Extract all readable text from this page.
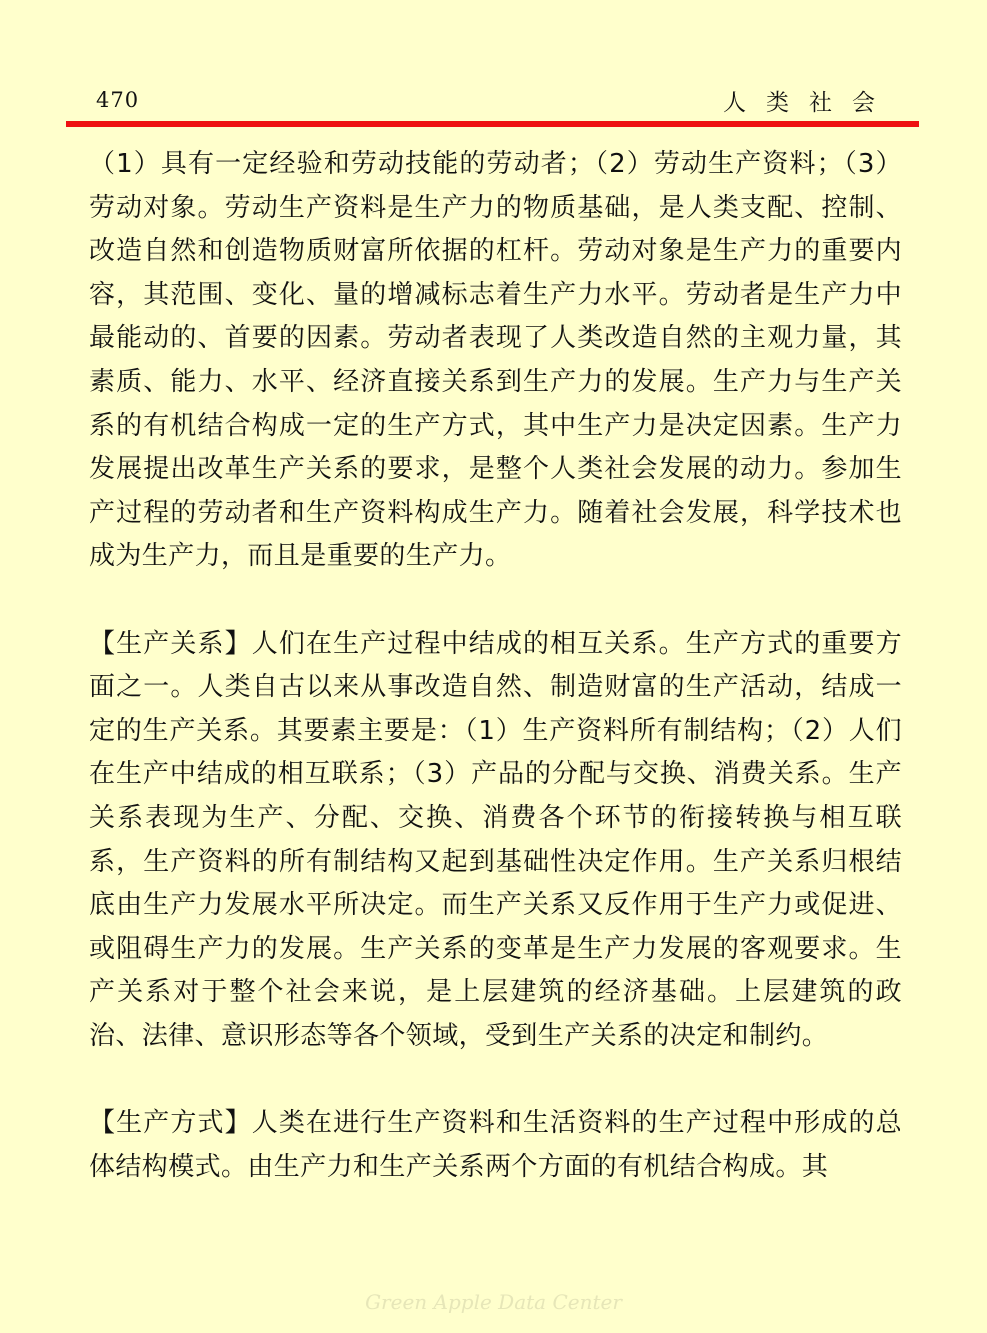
470	人类社会

（1）具有一定经验和劳动技能的劳动者；（2）劳动生产资料；（3）劳动对象。劳动生产资料是生产力的物质基础，是人类支配、控制、改造自然和创造物质财富所依据的杠杆。劳动对象是生产力的重要内容，其范围、变化、量的增减标志着生产力水平。劳动者是生产力中最能动的、首要的因素。劳动者表现了人类改造自然的主观力量，其素质、能力、水平、经济直接关系到生产力的发展。生产力与生产关系的有机结合构成一定的生产方式，其中生产力是决定因素。生产力发展提出改革生产关系的要求，是整个人类社会发展的动力。参加生产过程的劳动者和生产资料构成生产力。随着社会发展，科学技术也成为生产力，而且是重要的生产力。

【生产关系】人们在生产过程中结成的相互关系。生产方式的重要方面之一。人类自古以来从事改造自然、制造财富的生产活动，结成一定的生产关系。其要素主要是：（1）生产资料所有制结构；（2）人们在生产中结成的相互联系；（3）产品的分配与交换、消费关系。生产关系表现为生产、分配、交换、消费各个环节的衔接转换与相互联系，生产资料的所有制结构又起到基础性决定作用。生产关系归根结底由生产力发展水平所决定。而生产关系又反作用于生产力或促进、或阻碍生产力的发展。生产关系的变革是生产力发展的客观要求。生产关系对于整个社会来说，是上层建筑的经济基础。上层建筑的政治、法律、意识形态等各个领域，受到生产关系的决定和制约。

【生产方式】人类在进行生产资料和生活资料的生产过程中形成的总体结构模式。由生产力和生产关系两个方面的有机结合构成。其

Green Apple Data Center
